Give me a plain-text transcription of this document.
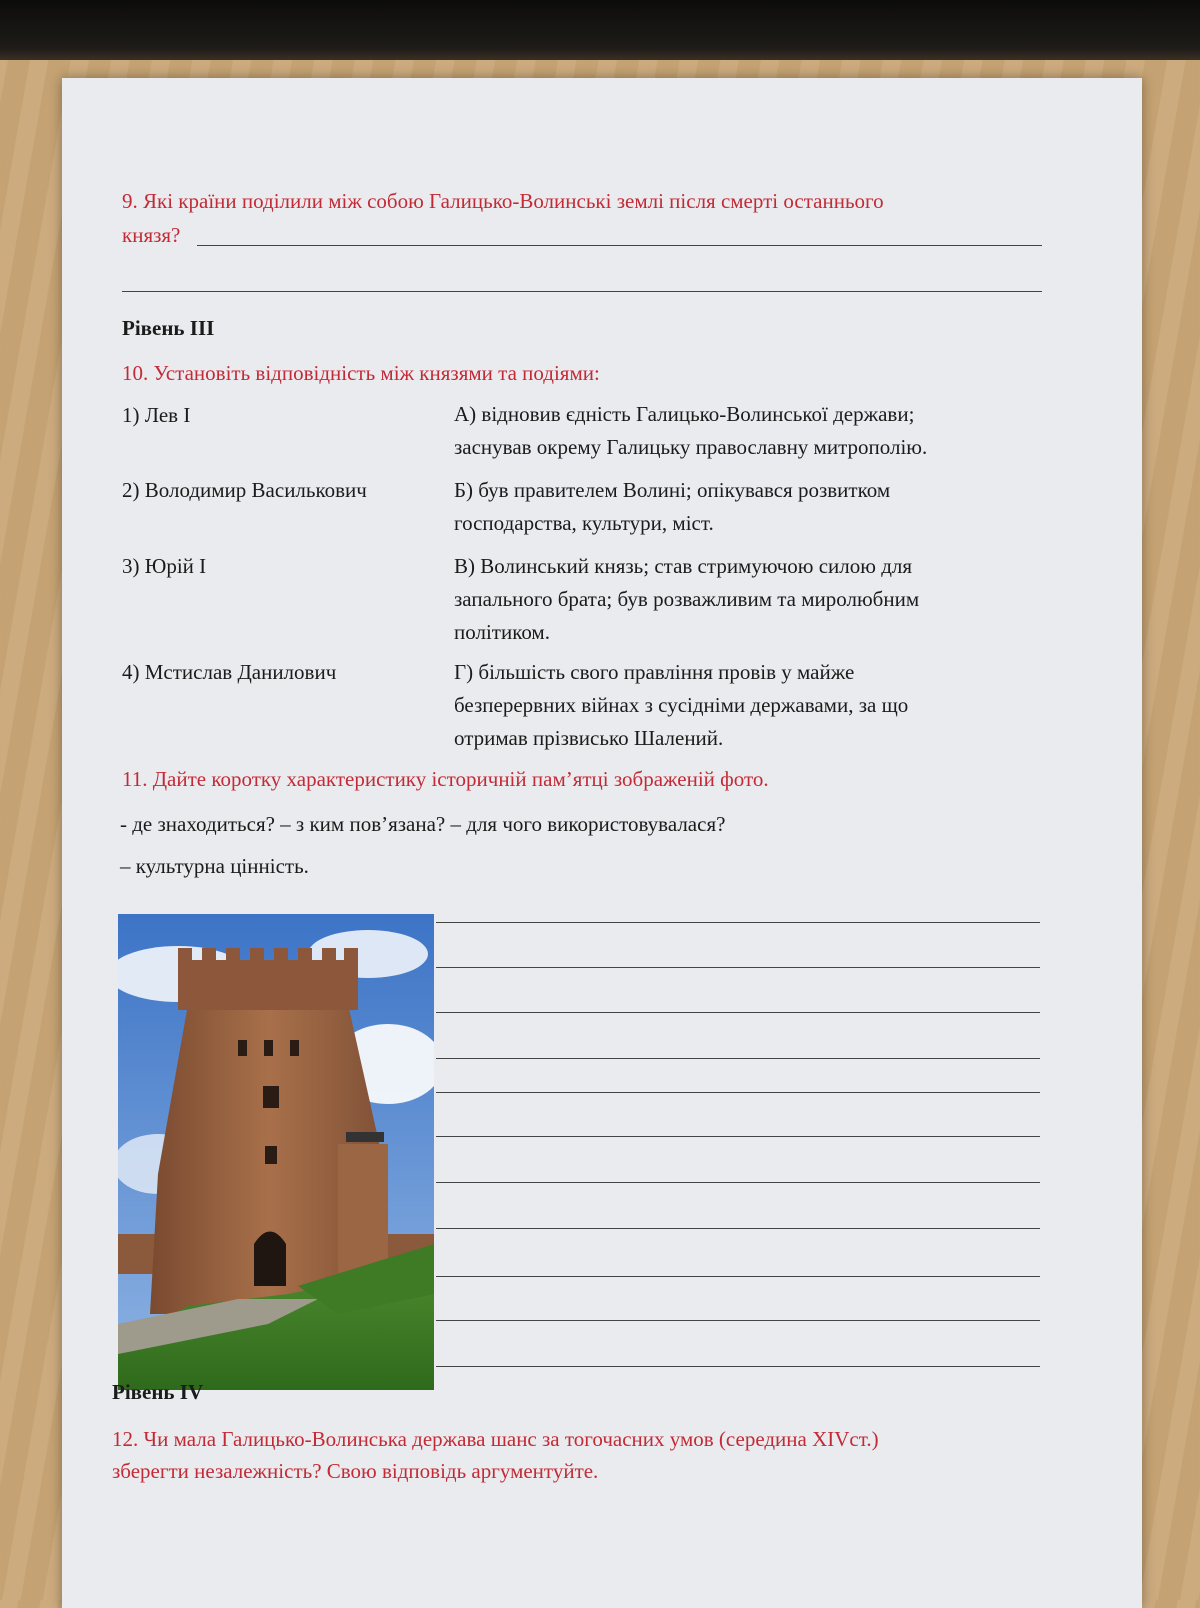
9. Які країни поділили між собою Галицько-Волинські землі після смерті останнього
князя?
Рівень ІІІ
10. Установіть відповідність між князями та подіями:
1) Лев І	А) відновив єдність Галицько-Волинської держави;
заснував окрему Галицьку православну митрополію.
2) Володимир Василькович	Б) був правителем Волині; опікувався розвитком
господарства, культури, міст.
3) Юрій І	В) Волинський князь; став стримуючою силою для
запального брата; був розважливим та миролюбним
політиком.
4) Мстислав Данилович	Г) більшість свого правління провів у майже
безперервних війнах з сусідніми державами, за що
отримав прізвисько Шалений.
11. Дайте коротку характеристику історичній пам’ятці зображеній фото.
- де знаходиться? – з ким пов’язана? – для чого використовувалася?
– культурна цінність.
Рівень IV
12. Чи мала Галицько-Волинська держава шанс за тогочасних умов (середина XIVст.)
зберегти незалежність? Свою відповідь аргументуйте.
